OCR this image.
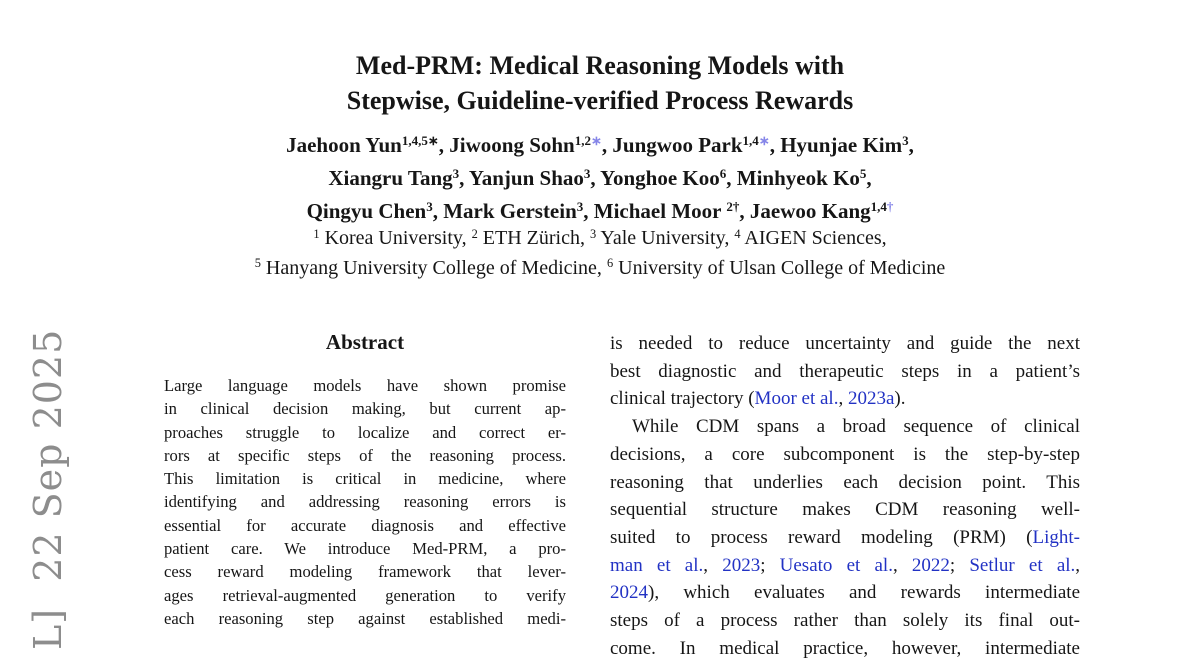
L]  22 Sep 2025
Med-PRM: Medical Reasoning Models with
Stepwise, Guideline-verified Process Rewards
Jaehoon Yun$^{1,4,5∗}$, Jiwoong Sohn$^{1,2∗}$, Jungwoo Park$^{1,4∗}$, Hyunjae Kim$^3$,
Xiangru Tang$^3$, Yanjun Shao$^3$, Yonghoe Koo$^6$, Minhyeok Ko$^5$,
Qingyu Chen$^3$, Mark Gerstein$^3$, Michael Moor $^{2\dagger}$, Jaewoo Kang$^{1,4\dagger}$
$^1$ Korea University, $^2$ ETH Zürich, $^3$ Yale University, $^4$ AIGEN Sciences,
$^5$ Hanyang University College of Medicine, $^6$ University of Ulsan College of Medicine
Abstract
Large language models have shown promise
in clinical decision making, but current ap-
proaches struggle to localize and correct er-
rors at specific steps of the reasoning process.
This limitation is critical in medicine, where
identifying and addressing reasoning errors is
essential for accurate diagnosis and effective
patient care. We introduce Med-PRM, a pro-
cess reward modeling framework that lever-
ages retrieval-augmented generation to verify
each reasoning step against established medi-
is needed to reduce uncertainty and guide the next
best diagnostic and therapeutic steps in a patient’s
clinical trajectory (Moor et al., 2023a).
While CDM spans a broad sequence of clinical
decisions, a core subcomponent is the step-by-step
reasoning that underlies each decision point. This
sequential structure makes CDM reasoning well-
suited to process reward modeling (PRM) (Light-
man et al., 2023; Uesato et al., 2022; Setlur et al.,
2024), which evaluates and rewards intermediate
steps of a process rather than solely its final out-
come. In medical practice, however, intermediate
